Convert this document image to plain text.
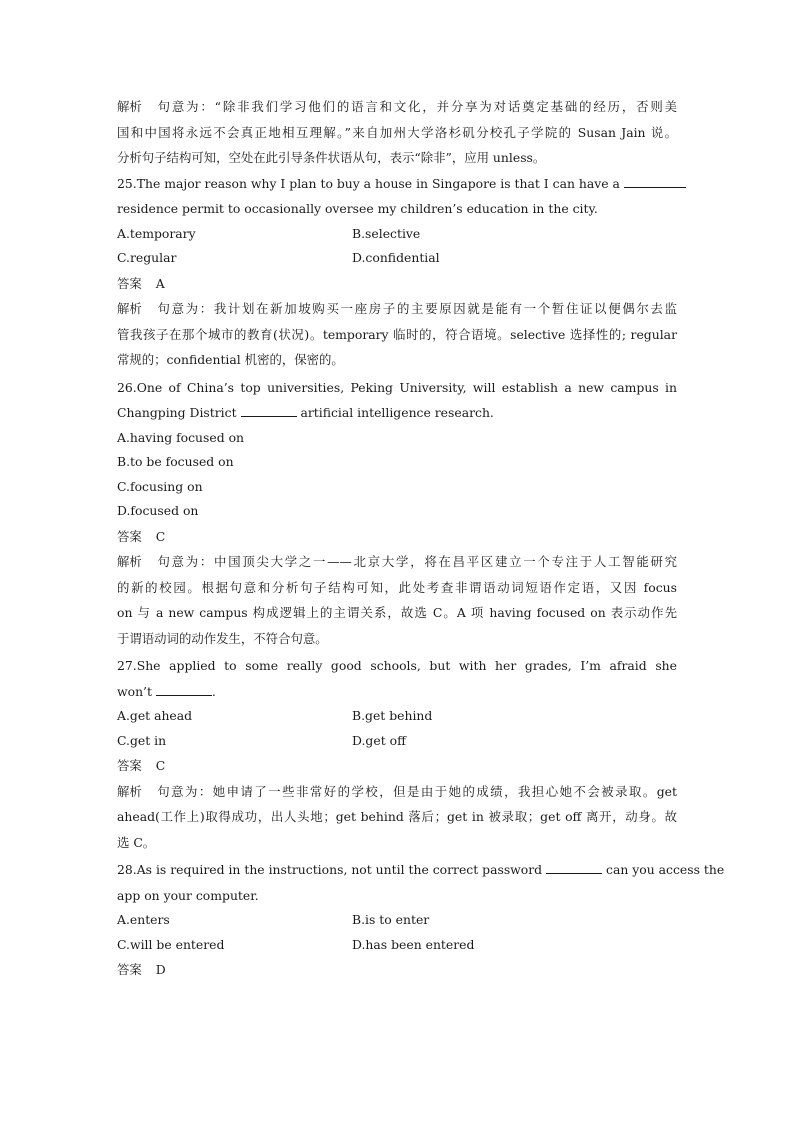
解析 句意为：“除非我们学习他们的语言和文化，并分享为对话奠定基础的经历，否则美
国和中国将永远不会真正地相互理解。”来自加州大学洛杉矶分校孔子学院的 Susan Jain 说。
分析句子结构可知，空处在此引导条件状语从句，表示“除非”，应用 unless。
25.The major reason why I plan to buy a house in Singapore is that I can have a
residence permit to occasionally oversee my children’s education in the city.
A.temporary	B.selective
C.regular	D.confidential
答案 A
解析 句意为：我计划在新加坡购买一座房子的主要原因就是能有一个暂住证以便偶尔去监
管我孩子在那个城市的教育(状况)。temporary 临时的，符合语境。selective 选择性的; regular
常规的；confidential 机密的，保密的。
26.One of China’s top universities, Peking University, will establish a new campus in
Changping District	artificial intelligence research.
A.having focused on
B.to be focused on
C.focusing on
D.focused on
答案 C
解析 句意为：中国顶尖大学之一——北京大学，将在昌平区建立一个专注于人工智能研究
的新的校园。根据句意和分析句子结构可知，此处考查非谓语动词短语作定语，又因 focus
on 与 a new campus 构成逻辑上的主谓关系，故选 C。A 项 having focused on 表示动作先
于谓语动词的动作发生，不符合句意。
27.She applied to some really good schools, but with her grades, I’m afraid she
won’t	.
A.get ahead	B.get behind
C.get in	D.get off
答案 C
解析 句意为：她申请了一些非常好的学校，但是由于她的成绩，我担心她不会被录取。get
ahead(工作上)取得成功，出人头地；get behind 落后；get in 被录取；get off 离开，动身。故
选 C。
28.As is required in the instructions, not until the correct password	can you access the
app on your computer.
A.enters	B.is to enter
C.will be entered	D.has been entered
答案 D
